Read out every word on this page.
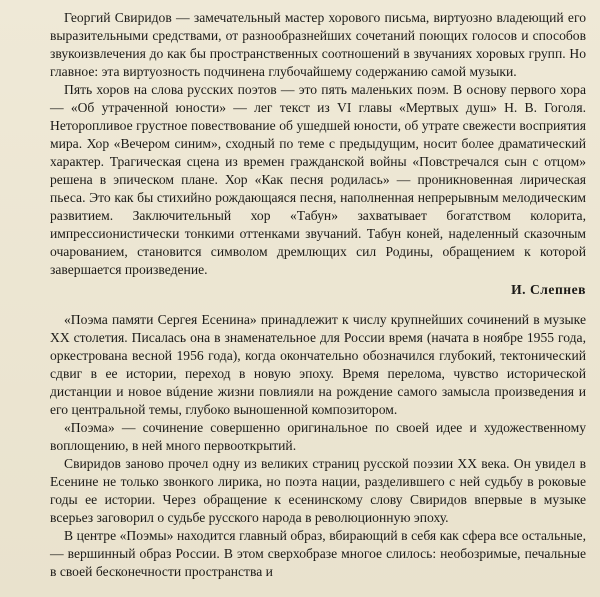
Георгий Свиридов — замечательный мастер хорового письма, виртуозно владеющий его выразительными средствами, от разнообразнейших сочетаний поющих голосов и способов звукоизвлечения до как бы пространственных соотношений в звучаниях хоровых групп. Но главное: эта виртуозность подчинена глубочайшему содержанию самой музыки.

Пять хоров на слова русских поэтов — это пять маленьких поэм. В основу первого хора — «Об утраченной юности» — лег текст из VI главы «Мертвых душ» Н. В. Гоголя. Неторопливое грустное повествование об ушедшей юности, об утрате свежести восприятия мира. Хор «Вечером синим», сходный по теме с предыдущим, носит более драматический характер. Трагическая сцена из времен гражданской войны «Повстречался сын с отцом» решена в эпическом плане. Хор «Как песня родилась» — проникновенная лирическая пьеса. Это как бы стихийно рождающаяся песня, наполненная непрерывным мелодическим развитием. Заключительный хор «Табун» захватывает богатством колорита, импрессионистически тонкими оттенками звучаний. Табун коней, наделенный сказочным очарованием, становится символом дремлющих сил Родины, обращением к которой завершается произведение.

И. Слепнев

«Поэма памяти Сергея Есенина» принадлежит к числу крупнейших сочинений в музыке XX столетия. Писалась она в знаменательное для России время (начата в ноябре 1955 года, оркестрована весной 1956 года), когда окончательно обозначился глубокий, тектонический сдвиг в ее истории, переход в новую эпоху. Время перелома, чувство исторической дистанции и новое вúдение жизни повлияли на рождение самого замысла произведения и его центральной темы, глубоко выношенной композитором.

«Поэма» — сочинение совершенно оригинальное по своей идее и художественному воплощению, в ней много первооткрытий.

Свиридов заново прочел одну из великих страниц русской поэзии XX века. Он увидел в Есенине не только звонкого лирика, но поэта нации, разделившего с ней судьбу в роковые годы ее истории. Через обращение к есенинскому слову Свиридов впервые в музыке всерьез заговорил о судьбе русского народа в революционную эпоху.

В центре «Поэмы» находится главный образ, вбирающий в себя как сфера все остальные, — вершинный образ России. В этом сверхобразе многое слилось: необозримые, печальные в своей бесконечности пространства и
